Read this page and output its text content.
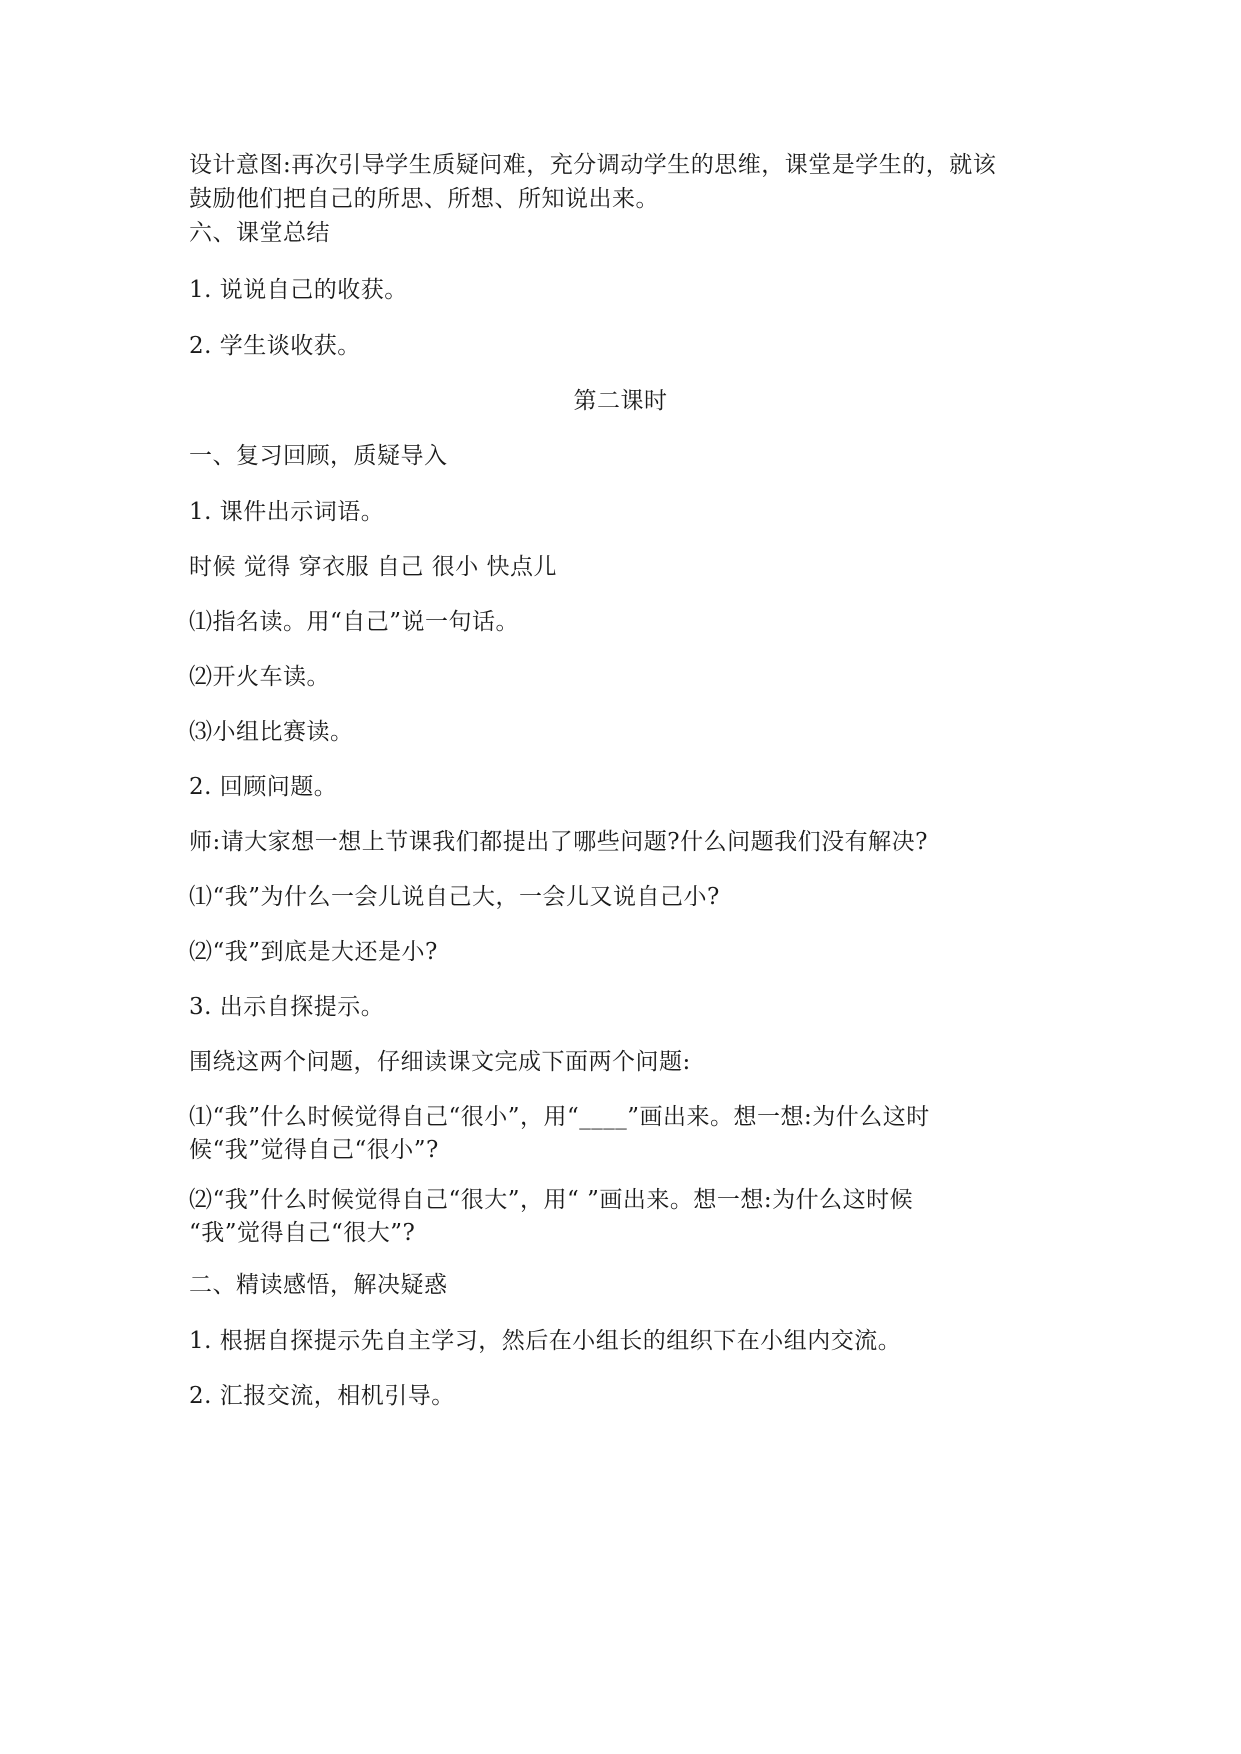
设计意图:再次引导学生质疑问难，充分调动学生的思维，课堂是学生的，就该
鼓励他们把自己的所思、所想、所知说出来。
六、课堂总结
1. 说说自己的收获。
2. 学生谈收获。
第二课时
一、复习回顾，质疑导入
1. 课件出示词语。
时候 觉得 穿衣服 自己 很小 快点儿
⑴指名读。用“自己”说一句话。
⑵开火车读。
⑶小组比赛读。
2. 回顾问题。
师:请大家想一想上节课我们都提出了哪些问题?什么问题我们没有解决?
⑴“我”为什么一会儿说自己大，一会儿又说自己小?
⑵“我”到底是大还是小?
3. 出示自探提示。
围绕这两个问题，仔细读课文完成下面两个问题:
⑴“我”什么时候觉得自己“很小”，用“____”画出来。想一想:为什么这时
候“我”觉得自己“很小”?
⑵“我”什么时候觉得自己“很大”，用“ ”画出来。想一想:为什么这时候
“我”觉得自己“很大”?
二、精读感悟，解决疑惑
1. 根据自探提示先自主学习，然后在小组长的组织下在小组内交流。
2. 汇报交流，相机引导。
